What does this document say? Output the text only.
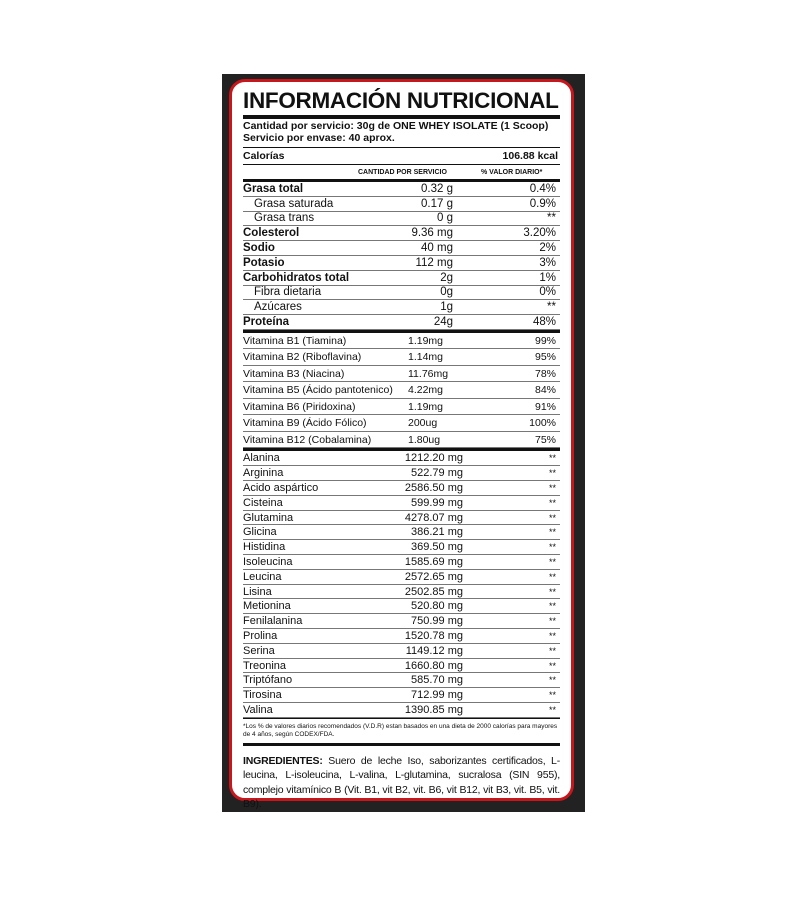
INFORMACIÓN NUTRICIONAL
Cantidad por servicio: 30g de ONE WHEY ISOLATE (1 Scoop)
Servicio por envase: 40 aprox.
Calorías	106.88 kcal
CANTIDAD POR SERVICIO	% VALOR DIARIO*
Grasa total	0.32 g	0.4%
Grasa saturada	0.17 g	0.9%
Grasa trans	0 g	**
Colesterol	9.36 mg	3.20%
Sodio	40 mg	2%
Potasio	112 mg	3%
Carbohidratos total	2g	1%
Fibra dietaria	0g	0%
Azúcares	1g	**
Proteína	24g	48%
Vitamina B1 (Tiamina)	1.19mg	99%
Vitamina B2 (Riboflavina)	1.14mg	95%
Vitamina B3 (Niacina)	11.76mg	78%
Vitamina B5 (Ácido pantotenico)	4.22mg	84%
Vitamina B6 (Piridoxina)	1.19mg	91%
Vitamina B9 (Ácido Fólico)	200ug	100%
Vitamina B12 (Cobalamina)	1.80ug	75%
Alanina	1212.20 mg	**
Arginina	522.79 mg	**
Acido aspártico	2586.50 mg	**
Cisteina	599.99 mg	**
Glutamina	4278.07 mg	**
Glicina	386.21 mg	**
Histidina	369.50 mg	**
Isoleucina	1585.69 mg	**
Leucina	2572.65 mg	**
Lisina	2502.85 mg	**
Metionina	520.80 mg	**
Fenilalanina	750.99 mg	**
Prolina	1520.78 mg	**
Serina	1149.12 mg	**
Treonina	1660.80 mg	**
Triptófano	585.70 mg	**
Tirosina	712.99 mg	**
Valina	1390.85 mg	**
*Los % de valores diarios recomendados (V.D.R) estan basados en una dieta de 2000 calorías para mayores de 4 años, según CODEX/FDA.
INGREDIENTES: Suero de leche Iso, saborizantes certificados, L-leucina, L-isoleucina, L-valina, L-glutamina, sucralosa (SIN 955), complejo vitamínico B (Vit. B1, vit B2, vit. B6, vit B12, vit B3, vit. B5, vit. B9).
